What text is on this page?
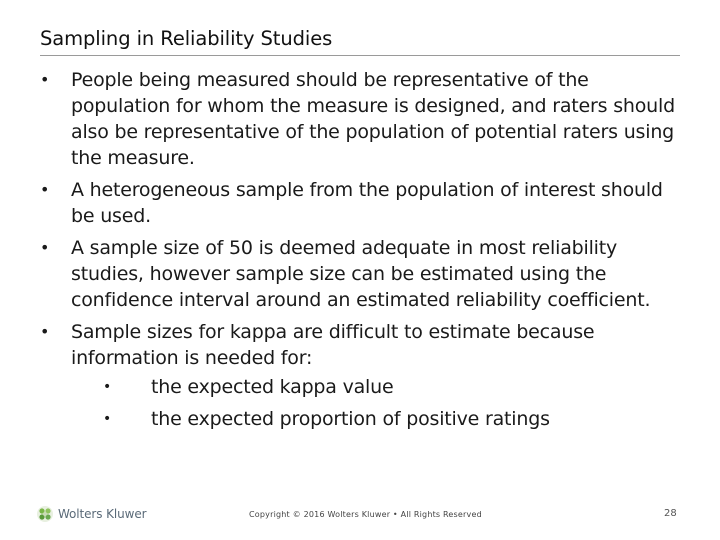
Sampling in Reliability Studies
• People being measured should be representative of the population for whom the measure is designed, and raters should also be representative of the population of potential raters using the measure.
• A heterogeneous sample from the population of interest should be used.
• A sample size of 50 is deemed adequate in most reliability studies, however sample size can be estimated using the confidence interval around an estimated reliability coefficient.
• Sample sizes for kappa are difficult to estimate because information is needed for:
• the expected kappa value
• the expected proportion of positive ratings
Wolters Kluwer	Copyright © 2016 Wolters Kluwer • All Rights Reserved	28
